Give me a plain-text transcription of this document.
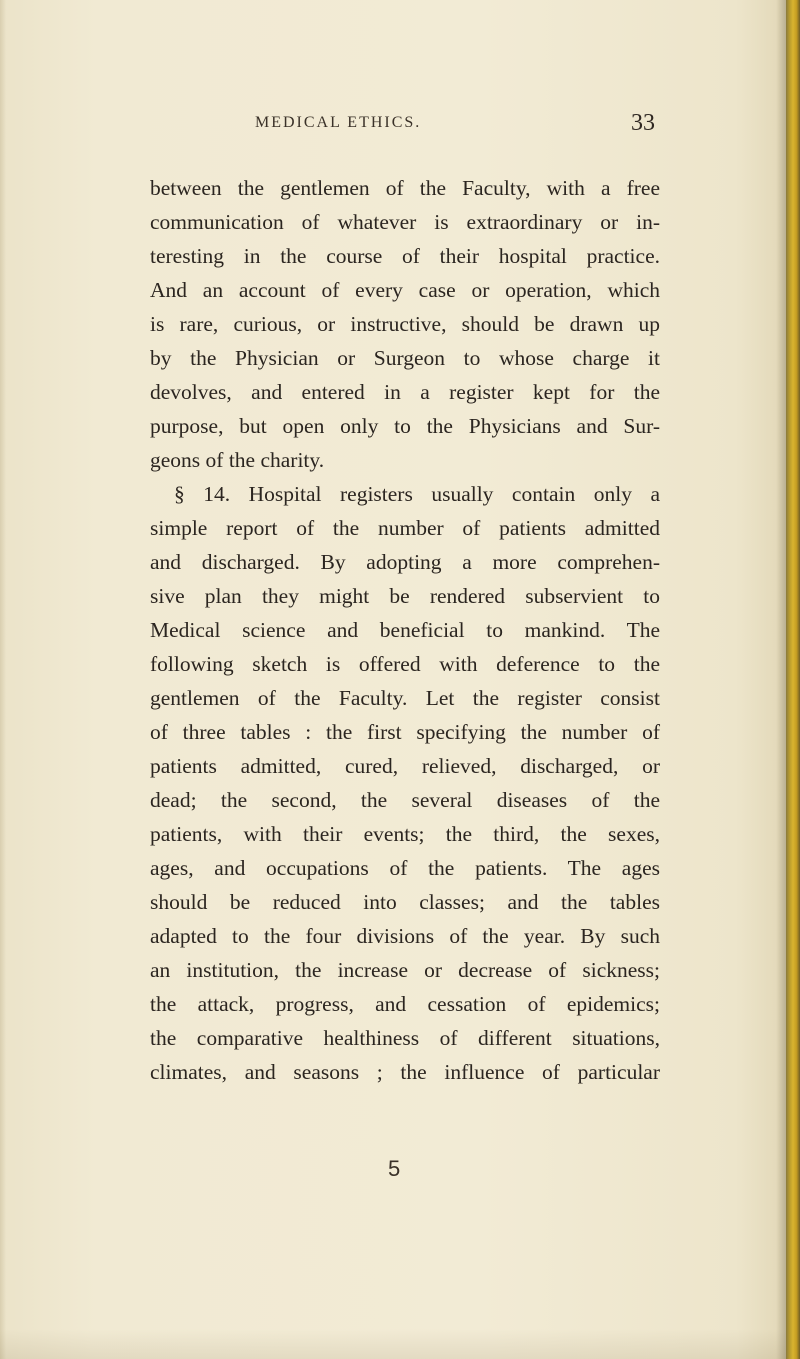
MEDICAL ETHICS.	33
between the gentlemen of the Faculty, with a free
communication of whatever is extraordinary or in-
teresting in the course of their hospital practice.
And an account of every case or operation, which
is rare, curious, or instructive, should be drawn up
by the Physician or Surgeon to whose charge it
devolves, and entered in a register kept for the
purpose, but open only to the Physicians and Sur-
geons of the charity.
§ 14. Hospital registers usually contain only a
simple report of the number of patients admitted
and discharged. By adopting a more comprehen-
sive plan they might be rendered subservient to
Medical science and beneficial to mankind. The
following sketch is offered with deference to the
gentlemen of the Faculty. Let the register consist
of three tables : the first specifying the number of
patients admitted, cured, relieved, discharged, or
dead; the second, the several diseases of the
patients, with their events; the third, the sexes,
ages, and occupations of the patients. The ages
should be reduced into classes; and the tables
adapted to the four divisions of the year. By such
an institution, the increase or decrease of sickness;
the attack, progress, and cessation of epidemics;
the comparative healthiness of different situations,
climates, and seasons ; the influence of particular
5
